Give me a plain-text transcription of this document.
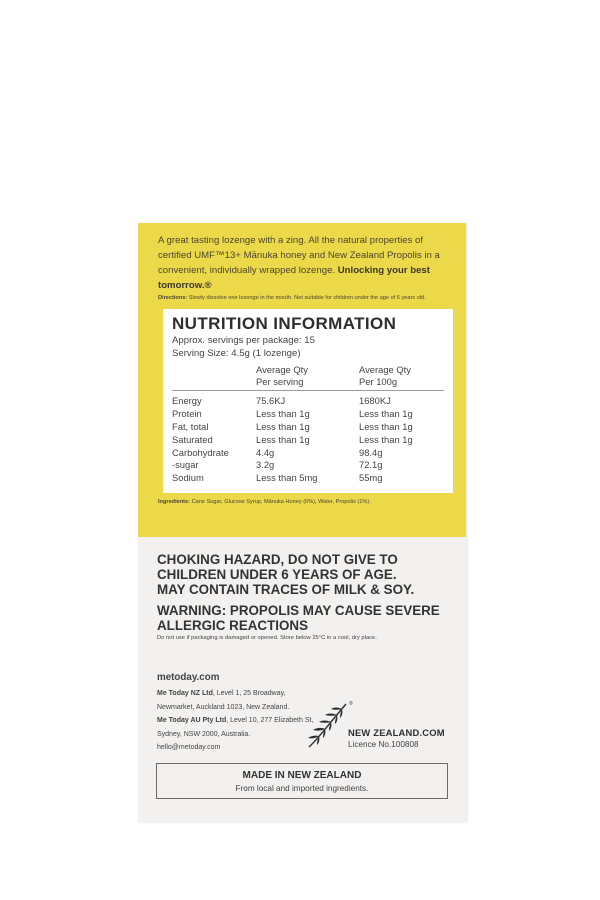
A great tasting lozenge with a zing. All the natural properties of certified UMF™13+ Mānuka honey and New Zealand Propolis in a convenient, individually wrapped lozenge. Unlocking your best tomorrow.®
Directions: Slowly dissolve one lozenge in the mouth. Not suitable for children under the age of 6 years old.
NUTRITION INFORMATION
Approx. servings per package: 15
Serving Size: 4.5g (1 lozenge)
Average Qty
Per serving
Average Qty
Per 100g
Energy	75.6KJ	1680KJ
Protein	Less than 1g	Less than 1g
Fat, total	Less than 1g	Less than 1g
Saturated	Less than 1g	Less than 1g
Carbohydrate	4.4g	98.4g
-sugar	3.2g	72.1g
Sodium	Less than 5mg	55mg
Ingredients: Cane Sugar, Glucose Syrup, Mānuka Honey (6%), Water, Propolis (1%).
CHOKING HAZARD, DO NOT GIVE TO
CHILDREN UNDER 6 YEARS OF AGE.
MAY CONTAIN TRACES OF MILK & SOY.
WARNING: PROPOLIS MAY CAUSE SEVERE
ALLERGIC REACTIONS
Do not use if packaging is damaged or opened. Store below 25°C in a cool, dry place.
metoday.com
Me Today NZ Ltd, Level 1, 25 Broadway,
Newmarket, Auckland 1023, New Zealand.
Me Today AU Pty Ltd, Level 10, 277 Elizabeth St,
Sydney, NSW 2000, Australia.
hello@metoday.com
®
NEW ZEALAND.COM
Licence No.100808
MADE IN NEW ZEALAND
From local and imported ingredients.
